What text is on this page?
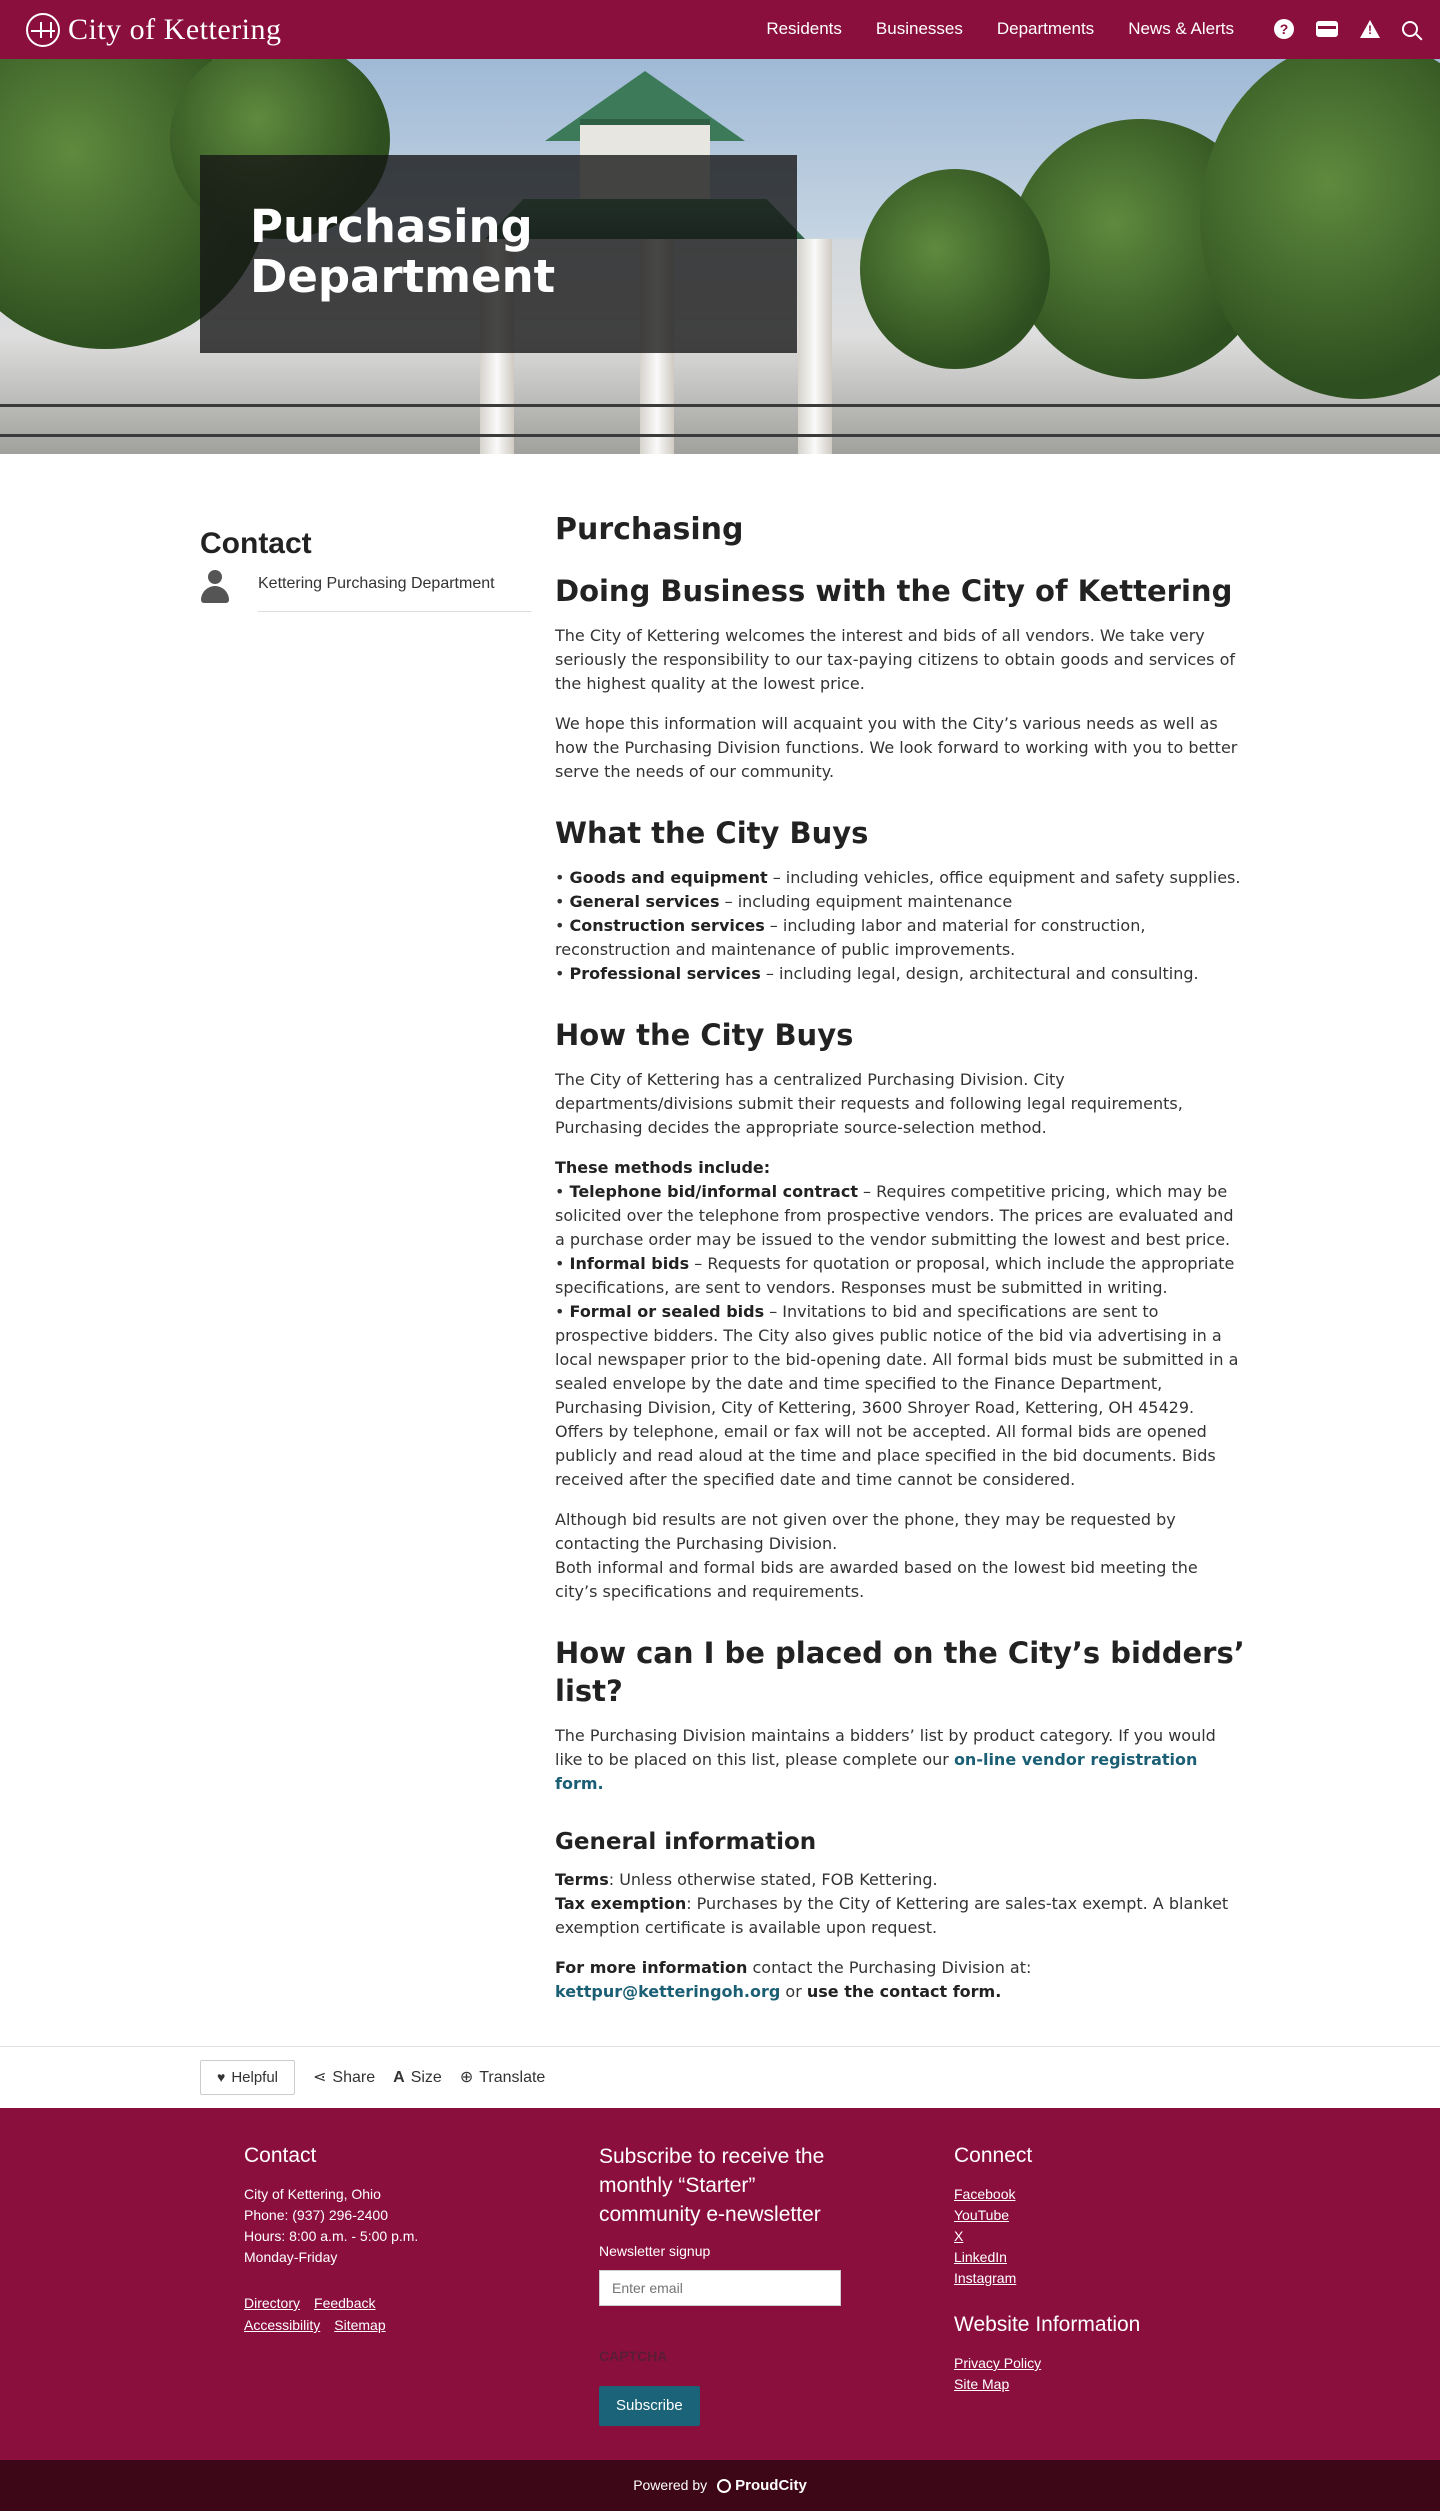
City of Kettering	Residents Businesses Departments News & Alerts	?
!
Purchasing Department
Contact
Kettering Purchasing Department
Purchasing
Doing Business with the City of Kettering

The City of Kettering welcomes the interest and bids of all vendors. We take very seriously the responsibility to our tax-paying citizens to obtain goods and services of the highest quality at the lowest price.

We hope this information will acquaint you with the City’s various needs as well as how the Purchasing Division functions. We look forward to working with you to better serve the needs of our community.

What the City Buys

• Goods and equipment – including vehicles, office equipment and safety supplies.
• General services – including equipment maintenance
• Construction services – including labor and material for construction, reconstruction and maintenance of public improvements.
• Professional services – including legal, design, architectural and consulting.

How the City Buys

The City of Kettering has a centralized Purchasing Division. City departments/divisions submit their requests and following legal requirements, Purchasing decides the appropriate source-selection method.

These methods include:
• Telephone bid/informal contract – Requires competitive pricing, which may be solicited over the telephone from prospective vendors. The prices are evaluated and a purchase order may be issued to the vendor submitting the lowest and best price.
• Informal bids – Requests for quotation or proposal, which include the appropriate specifications, are sent to vendors. Responses must be submitted in writing.
• Formal or sealed bids – Invitations to bid and specifications are sent to prospective bidders. The City also gives public notice of the bid via advertising in a local newspaper prior to the bid-opening date. All formal bids must be submitted in a sealed envelope by the date and time specified to the Finance Department, Purchasing Division, City of Kettering, 3600 Shroyer Road, Kettering, OH 45429. Offers by telephone, email or fax will not be accepted. All formal bids are opened publicly and read aloud at the time and place specified in the bid documents. Bids received after the specified date and time cannot be considered.

Although bid results are not given over the phone, they may be requested by contacting the Purchasing Division.
Both informal and formal bids are awarded based on the lowest bid meeting the city’s specifications and requirements.

How can I be placed on the City’s bidders’ list?

The Purchasing Division maintains a bidders’ list by product category. If you would like to be placed on this list, please complete our on-line vendor registration form.

General information

Terms: Unless otherwise stated, FOB Kettering.
Tax exemption: Purchases by the City of Kettering are sales-tax exempt. A blanket exemption certificate is available upon request.

For more information contact the Purchasing Division at: kettpur@ketteringoh.org or use the contact form.

♥ Helpful ⋖ Share A Size ⊕ Translate
Contact
City of Kettering, Ohio
Phone: (937) 296-2400
Hours: 8:00 a.m. - 5:00 p.m.
Monday-Friday
Directory Feedback
Accessibility Sitemap
Subscribe to receive the monthly “Starter” community e-newsletter
Newsletter signup
Enter email
CAPTCHA
Subscribe
Connect
Facebook
YouTube
X
LinkedIn
Instagram
Website Information
Privacy Policy
Site Map
Powered by ProudCity
